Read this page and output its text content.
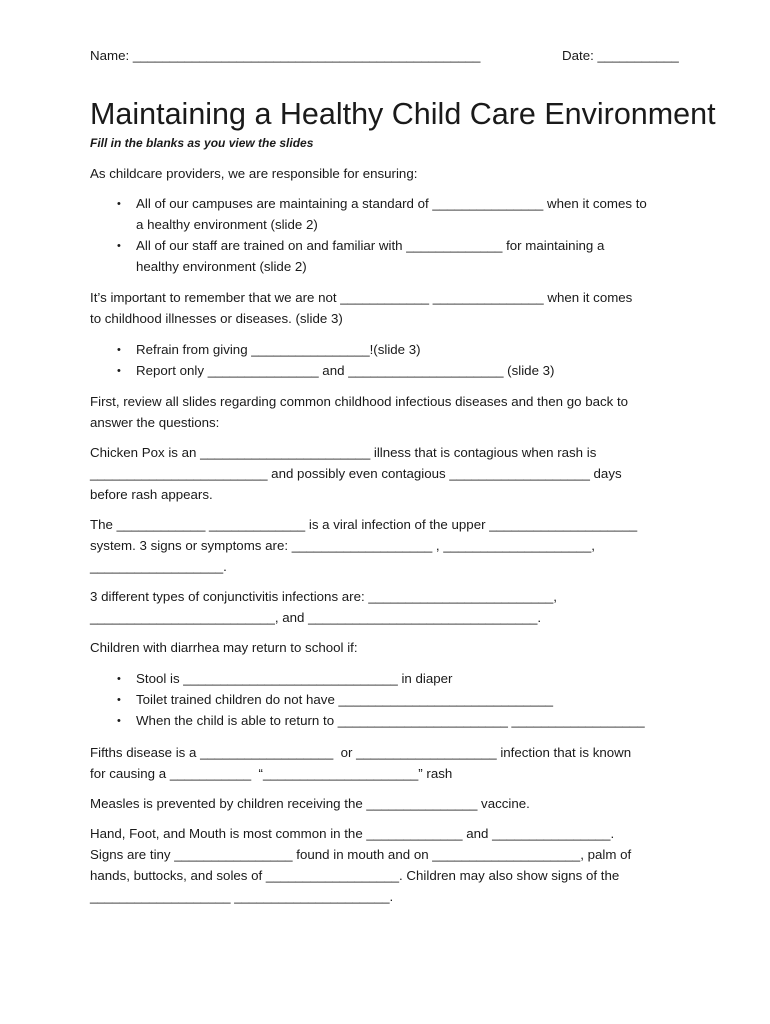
Name: _______________________________________________	Date: ___________
Maintaining a Healthy Child Care Environment
Fill in the blanks as you view the slides
As childcare providers, we are responsible for ensuring:
• All of our campuses are maintaining a standard of _______________ when it comes to
a healthy environment (slide 2)
• All of our staff are trained on and familiar with _____________ for maintaining a
healthy environment (slide 2)
It’s important to remember that we are not ____________ _______________ when it comes
to childhood illnesses or diseases. (slide 3)
• Refrain from giving ________________!(slide 3)
• Report only _______________ and _____________________ (slide 3)
First, review all slides regarding common childhood infectious diseases and then go back to
answer the questions:
Chicken Pox is an _______________________ illness that is contagious when rash is
________________________ and possibly even contagious ___________________ days
before rash appears.
The ____________ _____________ is a viral infection of the upper ____________________
system. 3 signs or symptoms are: ___________________ , ____________________,
__________________.
3 different types of conjunctivitis infections are: _________________________,
_________________________, and _______________________________.
Children with diarrhea may return to school if:
• Stool is _____________________________ in diaper
• Toilet trained children do not have _____________________________
• When the child is able to return to _______________________ __________________
Fifths disease is a __________________  or ___________________ infection that is known
for causing a ___________  “_____________________” rash
Measles is prevented by children receiving the _______________ vaccine.
Hand, Foot, and Mouth is most common in the _____________ and ________________.
Signs are tiny ________________ found in mouth and on ____________________, palm of
hands, buttocks, and soles of __________________. Children may also show signs of the
___________________ _____________________.
